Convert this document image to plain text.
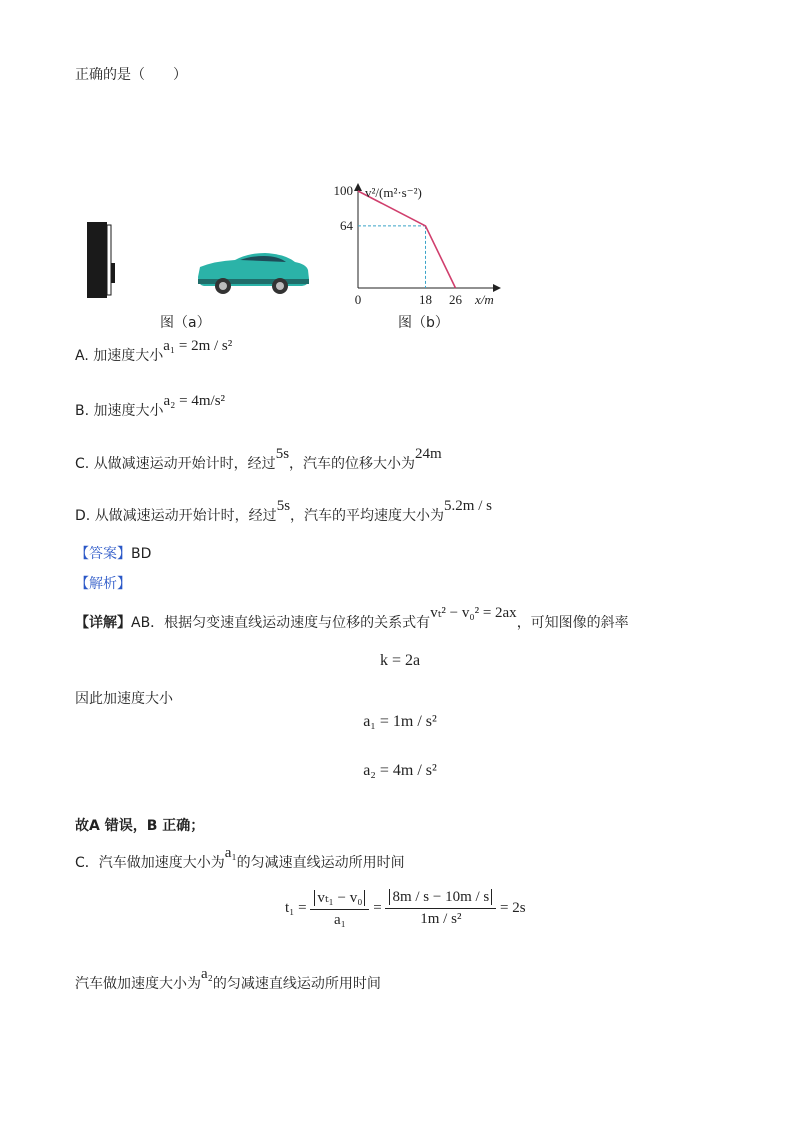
正确的是（　　）
图（a）
0	18 26
100
64
x/m
v²/(m²·s⁻²)
图（b）
A. 加速度大小a₁ = 2m / s²
B. 加速度大小a₂ = 4m/s²
C. 从做减速运动开始计时，经过5s，汽车的位移大小为24m
D. 从做减速运动开始计时，经过5s，汽车的平均速度大小为5.2m / s
【答案】BD
【解析】
【详解】AB．根据匀变速直线运动速度与位移的关系式有vₜ² − v₀² = 2ax，可知图像的斜率
k = 2a
因此加速度大小
a₁ = 1m / s²
a₂ = 4m / s²
故A 错误，B 正确；
C．汽车做加速度大小为a₁的匀减速直线运动所用时间
$t_1 = \frac{\text{vₜ₁ − v₀}}{\text{a₁}} = \frac{8m / s - 10m / s}{\text{1m / s²}} = 2s$
汽车做加速度大小为a₂的匀减速直线运动所用时间
